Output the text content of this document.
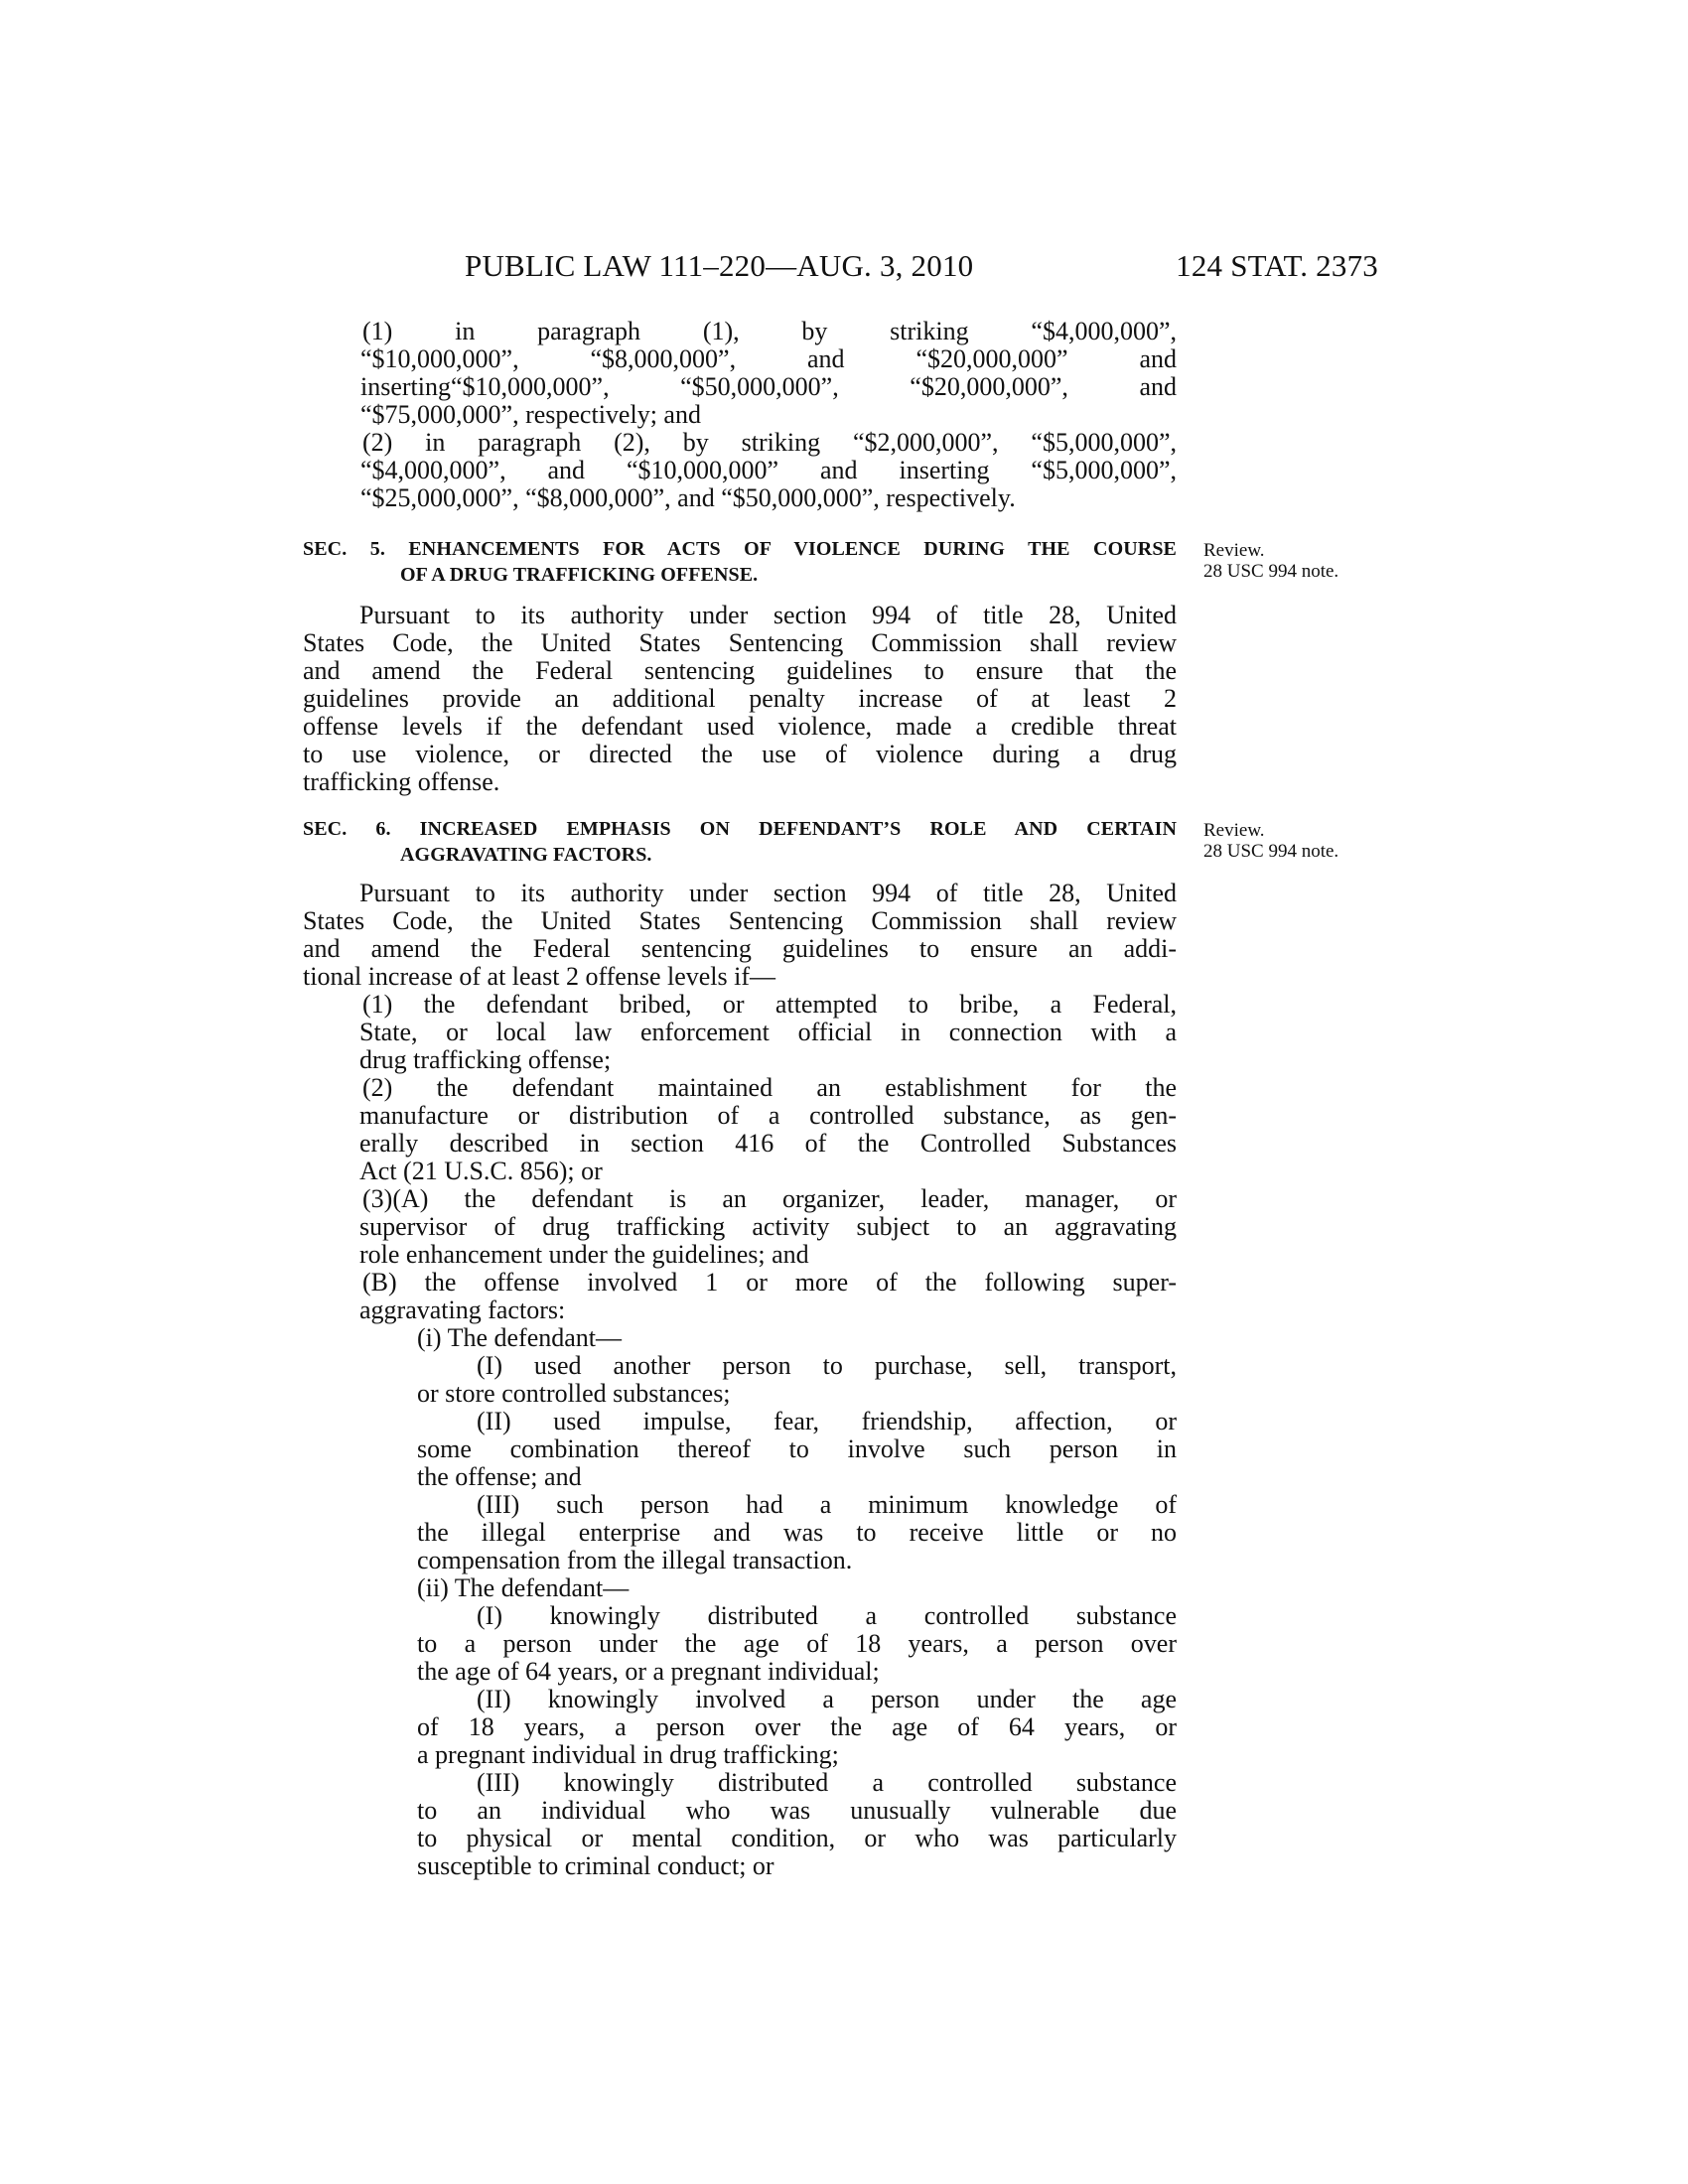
PUBLIC LAW 111–220—AUG. 3, 2010	124 STAT. 2373
(1) in paragraph (1), by striking “$4,000,000”,
“$10,000,000”, “$8,000,000”, and “$20,000,000” and
inserting“$10,000,000”, “$50,000,000”, “$20,000,000”, and
“$75,000,000”, respectively; and
(2) in paragraph (2), by striking “$2,000,000”, “$5,000,000”,
“$4,000,000”, and “$10,000,000” and inserting “$5,000,000”,
“$25,000,000”, “$8,000,000”, and “$50,000,000”, respectively.
SEC. 5. ENHANCEMENTS FOR ACTS OF VIOLENCE DURING THE COURSE
OF A DRUG TRAFFICKING OFFENSE.
Review.
28 USC 994 note.
Pursuant to its authority under section 994 of title 28, United
States Code, the United States Sentencing Commission shall review
and amend the Federal sentencing guidelines to ensure that the
guidelines provide an additional penalty increase of at least 2
offense levels if the defendant used violence, made a credible threat
to use violence, or directed the use of violence during a drug
trafficking offense.
SEC. 6. INCREASED EMPHASIS ON DEFENDANT’S ROLE AND CERTAIN
AGGRAVATING FACTORS.
Review.
28 USC 994 note.
Pursuant to its authority under section 994 of title 28, United
States Code, the United States Sentencing Commission shall review
and amend the Federal sentencing guidelines to ensure an addi-
tional increase of at least 2 offense levels if—
(1) the defendant bribed, or attempted to bribe, a Federal,
State, or local law enforcement official in connection with a
drug trafficking offense;
(2) the defendant maintained an establishment for the
manufacture or distribution of a controlled substance, as gen-
erally described in section 416 of the Controlled Substances
Act (21 U.S.C. 856); or
(3)(A) the defendant is an organizer, leader, manager, or
supervisor of drug trafficking activity subject to an aggravating
role enhancement under the guidelines; and
(B) the offense involved 1 or more of the following super-
aggravating factors:
(i) The defendant—
(I) used another person to purchase, sell, transport,
or store controlled substances;
(II) used impulse, fear, friendship, affection, or
some combination thereof to involve such person in
the offense; and
(III) such person had a minimum knowledge of
the illegal enterprise and was to receive little or no
compensation from the illegal transaction.
(ii) The defendant—
(I) knowingly distributed a controlled substance
to a person under the age of 18 years, a person over
the age of 64 years, or a pregnant individual;
(II) knowingly involved a person under the age
of 18 years, a person over the age of 64 years, or
a pregnant individual in drug trafficking;
(III) knowingly distributed a controlled substance
to an individual who was unusually vulnerable due
to physical or mental condition, or who was particularly
susceptible to criminal conduct; or
